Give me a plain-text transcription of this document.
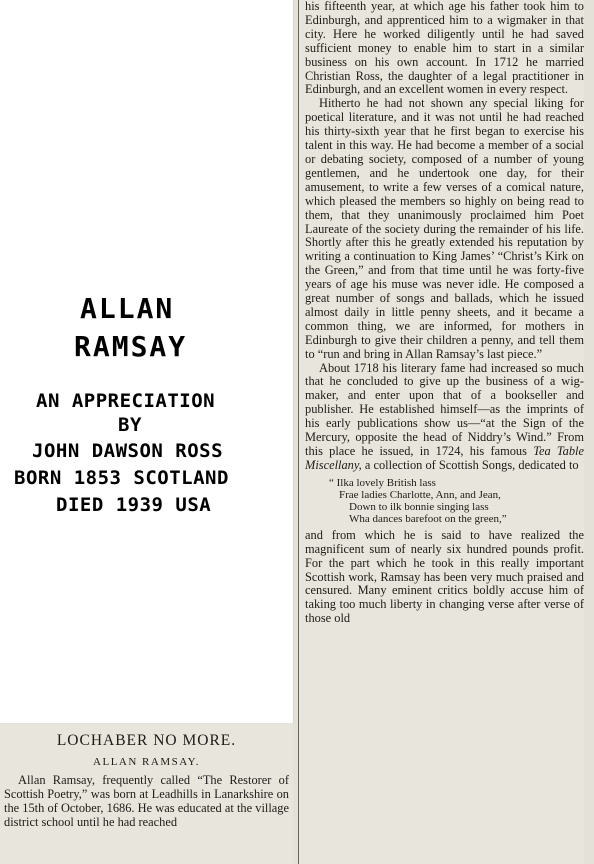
ALLAN

RAMSAY

AN APPRECIATION

BY

JOHN DAWSON ROSS

BORN 1853 SCOTLAND

DIED 1939 USA

LOCHABER NO MORE.

ALLAN RAMSAY.

Allan Ramsay, frequently called “The Restorer of Scottish Poetry,” was born at Leadhills in Lanarkshire on the 15th of October, 1686. He was educated at the village district school until he had reached

his fifteenth year, at which age his father took him to Edinburgh, and apprenticed him to a wigmaker in that city. Here he worked diligently until he had saved sufficient money to enable him to start in a similar business on his own account. In 1712 he married Christian Ross, the daughter of a legal practitioner in Edinburgh, and an excellent women in every respect.

Hitherto he had not shown any special liking for poetical literature, and it was not until he had reached his thirty-sixth year that he first began to exercise his talent in this way. He had become a member of a social or debating society, composed of a number of young gentlemen, and he undertook one day, for their amusement, to write a few verses of a comical nature, which pleased the members so highly on being read to them, that they unanimously proclaimed him Poet Laureate of the society during the remainder of his life. Shortly after this he greatly extended his reputation by writing a continuation to King James’ “Christ’s Kirk on the Green,” and from that time until he was forty-five years of age his muse was never idle. He composed a great number of songs and ballads, which he issued almost daily in little penny sheets, and it became a common thing, we are informed, for mothers in Edinburgh to give their children a penny, and tell them to “run and bring in Allan Ramsay’s last piece.”

About 1718 his literary fame had increased so much that he concluded to give up the business of a wig-maker, and enter upon that of a bookseller and publisher. He established himself—as the imprints of his early publications show us—“at the Sign of the Mercury, opposite the head of Niddry’s Wind.” From this place he issued, in 1724, his famous Tea Table Miscellany, a collection of Scottish Songs, dedicated to

“ Ilka lovely British lass
Frae ladies Charlotte, Ann, and Jean,
Down to ilk bonnie singing lass
Wha dances barefoot on the green,”

and from which he is said to have realized the magnificent sum of nearly six hundred pounds profit. For the part which he took in this really important Scottish work, Ramsay has been very much praised and censured. Many eminent critics boldly accuse him of taking too much liberty in changing verse after verse of those old
